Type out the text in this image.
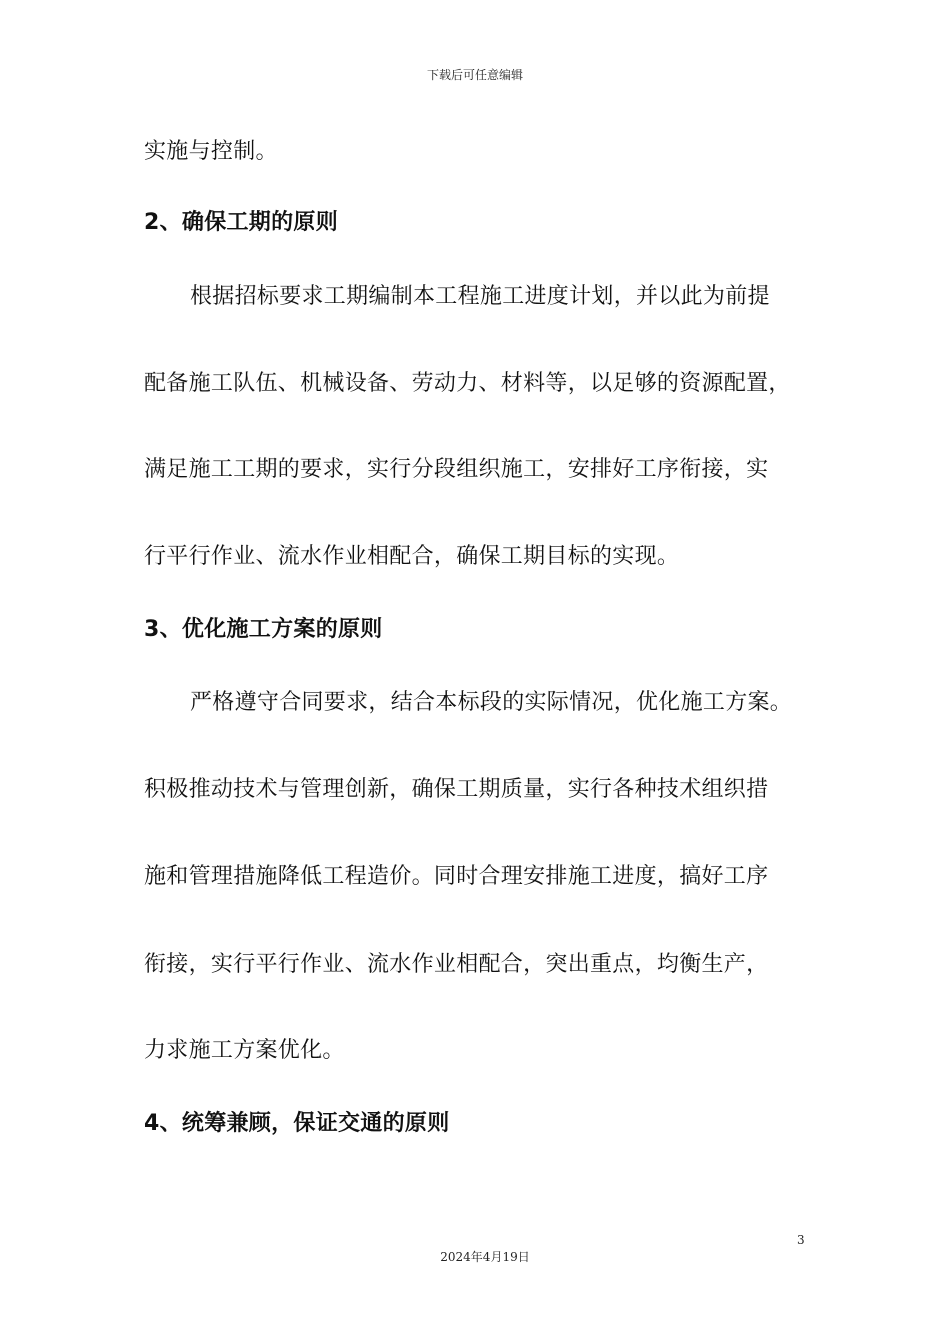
下载后可任意编辑
实施与控制。
2、确保工期的原则
根据招标要求工期编制本工程施工进度计划，并以此为前提
配备施工队伍、机械设备、劳动力、材料等，以足够的资源配置，
满足施工工期的要求，实行分段组织施工，安排好工序衔接，实
行平行作业、流水作业相配合，确保工期目标的实现。
3、优化施工方案的原则
严格遵守合同要求，结合本标段的实际情况，优化施工方案。
积极推动技术与管理创新，确保工期质量，实行各种技术组织措
施和管理措施降低工程造价。同时合理安排施工进度，搞好工序
衔接，实行平行作业、流水作业相配合，突出重点，均衡生产，
力求施工方案优化。
4、统筹兼顾，保证交通的原则
3
2024年4月19日
